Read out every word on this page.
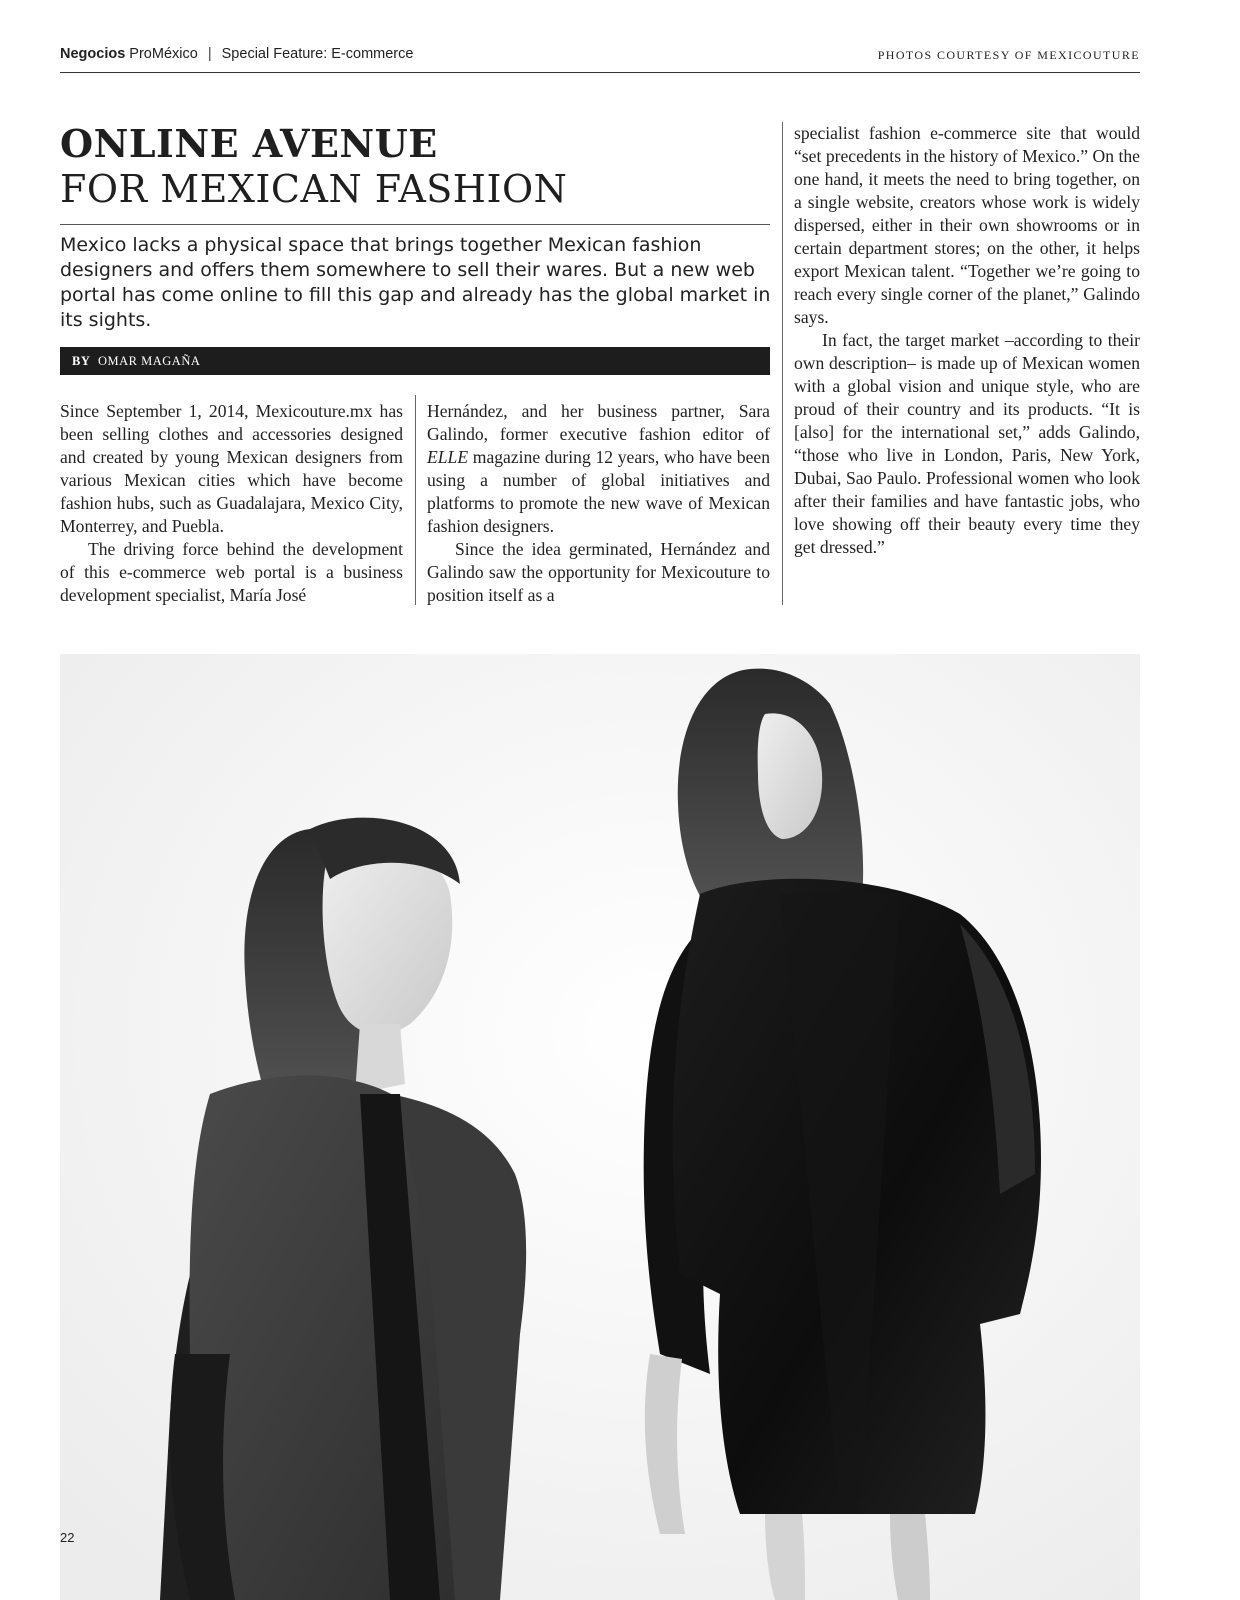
Negocios ProMéxico | Special Feature: E-commerce	PHOTOS COURTESY OF MEXICOUTURE
ONLINE AVENUE
FOR MEXICAN FASHION

Mexico lacks a physical space that brings together Mexican fashion designers and offers them somewhere to sell their wares. But a new web portal has come online to fill this gap and already has the global market in its sights.

BY OMAR MAGAÑA

Since September 1, 2014, Mexicouture.mx has been selling clothes and accessories designed and created by young Mexican designers from various Mexican cities which have become fashion hubs, such as Guadalajara, Mexico City, Monterrey, and Puebla.

The driving force behind the development of this e-commerce web portal is a business development specialist, María José

Hernández, and her business partner, Sara Galindo, former executive fashion editor of ELLE magazine during 12 years, who have been using a number of global initiatives and platforms to promote the new wave of Mexican fashion designers.

Since the idea germinated, Hernández and Galindo saw the opportunity for Mexicouture to position itself as a

specialist fashion e-commerce site that would “set precedents in the history of Mexico.” On the one hand, it meets the need to bring together, on a single website, creators whose work is widely dispersed, either in their own showrooms or in certain department stores; on the other, it helps export Mexican talent. “Together we’re going to reach every single corner of the planet,” Galindo says.

In fact, the target market –according to their own description– is made up of Mexican women with a global vision and unique style, who are proud of their country and its products. “It is [also] for the international set,” adds Galindo, “those who live in London, Paris, New York, Dubai, Sao Paulo. Professional women who look after their families and have fantastic jobs, who love showing off their beauty every time they get dressed.”

22
